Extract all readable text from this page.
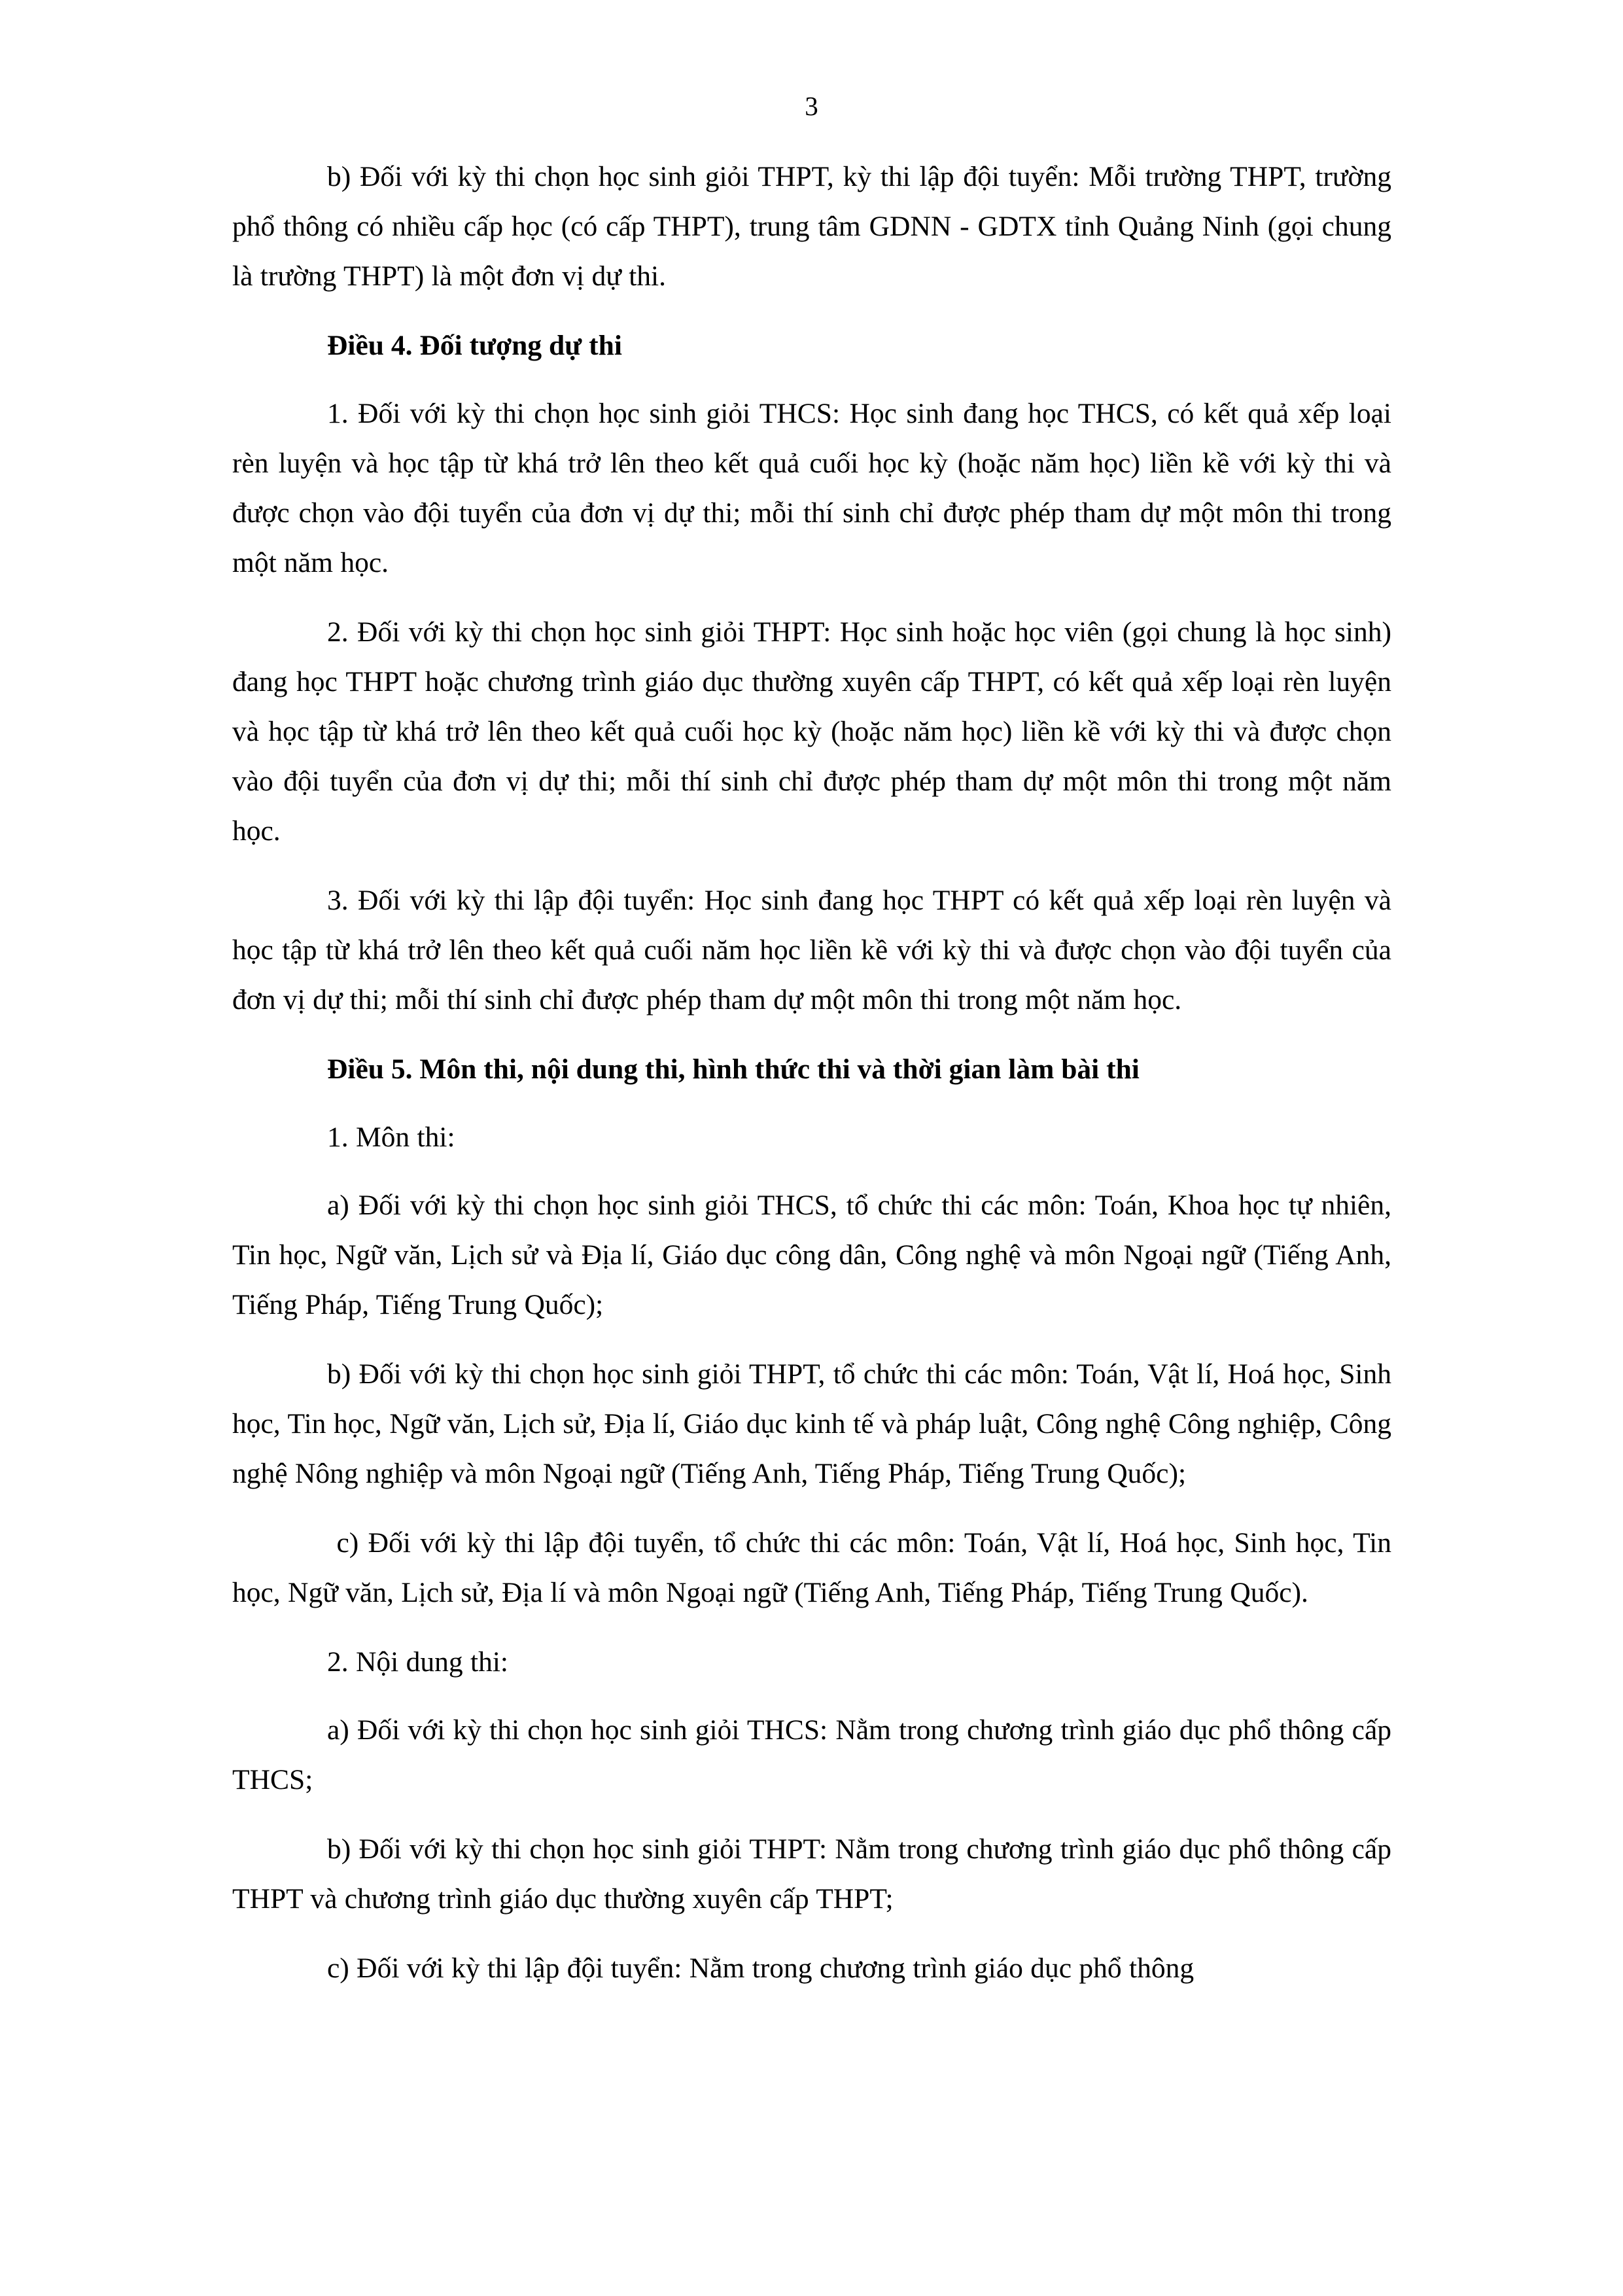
3

b) Đối với kỳ thi chọn học sinh giỏi THPT, kỳ thi lập đội tuyển: Mỗi trường THPT, trường phổ thông có nhiều cấp học (có cấp THPT), trung tâm GDNN - GDTX tỉnh Quảng Ninh (gọi chung là trường THPT) là một đơn vị dự thi.

Điều 4. Đối tượng dự thi

1. Đối với kỳ thi chọn học sinh giỏi THCS: Học sinh đang học THCS, có kết quả xếp loại rèn luyện và học tập từ khá trở lên theo kết quả cuối học kỳ (hoặc năm học) liền kề với kỳ thi và được chọn vào đội tuyển của đơn vị dự thi; mỗi thí sinh chỉ được phép tham dự một môn thi trong một năm học.

2. Đối với kỳ thi chọn học sinh giỏi THPT: Học sinh hoặc học viên (gọi chung là học sinh) đang học THPT hoặc chương trình giáo dục thường xuyên cấp THPT, có kết quả xếp loại rèn luyện và học tập từ khá trở lên theo kết quả cuối học kỳ (hoặc năm học) liền kề với kỳ thi và được chọn vào đội tuyển của đơn vị dự thi; mỗi thí sinh chỉ được phép tham dự một môn thi trong một năm học.

3. Đối với kỳ thi lập đội tuyển: Học sinh đang học THPT có kết quả xếp loại rèn luyện và học tập từ khá trở lên theo kết quả cuối năm học liền kề với kỳ thi và được chọn vào đội tuyển của đơn vị dự thi; mỗi thí sinh chỉ được phép tham dự một môn thi trong một năm học.

Điều 5. Môn thi, nội dung thi, hình thức thi và thời gian làm bài thi

1. Môn thi:

a) Đối với kỳ thi chọn học sinh giỏi THCS, tổ chức thi các môn: Toán, Khoa học tự nhiên, Tin học, Ngữ văn, Lịch sử và Địa lí, Giáo dục công dân, Công nghệ và môn Ngoại ngữ (Tiếng Anh, Tiếng Pháp, Tiếng Trung Quốc);

b) Đối với kỳ thi chọn học sinh giỏi THPT, tổ chức thi các môn: Toán, Vật lí, Hoá học, Sinh học, Tin học, Ngữ văn, Lịch sử, Địa lí, Giáo dục kinh tế và pháp luật, Công nghệ Công nghiệp, Công nghệ Nông nghiệp và môn Ngoại ngữ (Tiếng Anh, Tiếng Pháp, Tiếng Trung Quốc);

c) Đối với kỳ thi lập đội tuyển, tổ chức thi các môn: Toán, Vật lí, Hoá học, Sinh học, Tin học, Ngữ văn, Lịch sử, Địa lí và môn Ngoại ngữ (Tiếng Anh, Tiếng Pháp, Tiếng Trung Quốc).

2. Nội dung thi:

a) Đối với kỳ thi chọn học sinh giỏi THCS: Nằm trong chương trình giáo dục phổ thông cấp THCS;

b) Đối với kỳ thi chọn học sinh giỏi THPT: Nằm trong chương trình giáo dục phổ thông cấp THPT và chương trình giáo dục thường xuyên cấp THPT;

c) Đối với kỳ thi lập đội tuyển: Nằm trong chương trình giáo dục phổ thông
